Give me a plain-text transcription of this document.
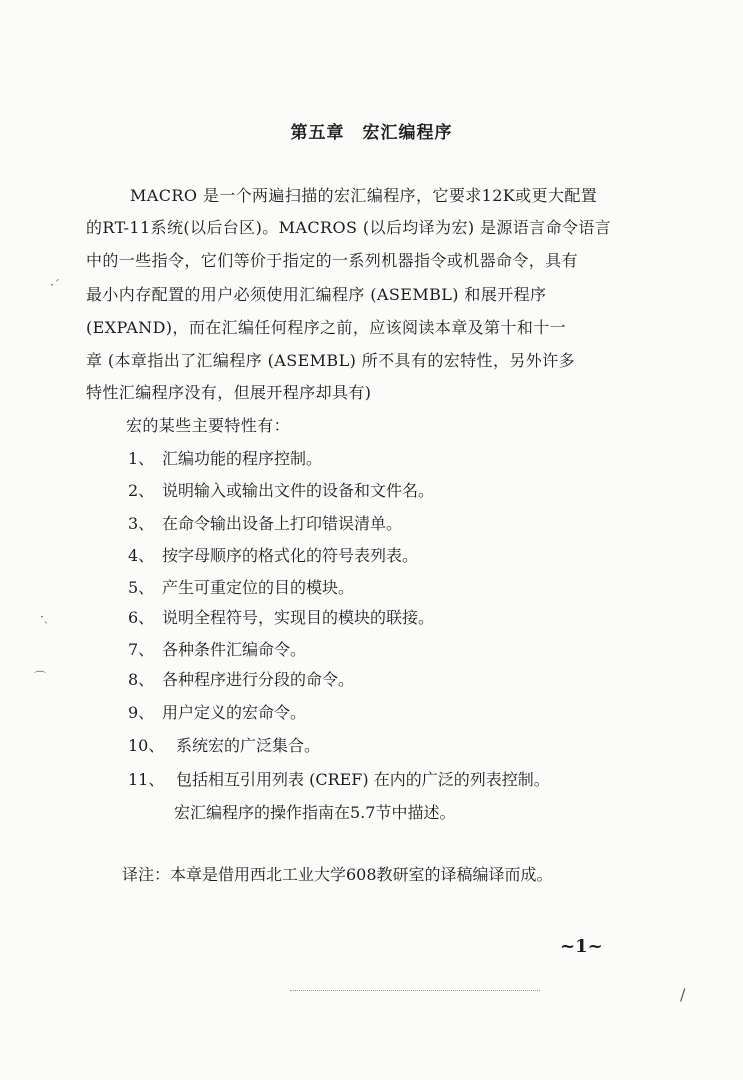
第五章　宏汇编程序
MACRO 是一个两遍扫描的宏汇编程序，它要求12K或更大配置
的RT-11系统(以后台区)。MACROS (以后均译为宏) 是源语言命令语言
中的一些指令，它们等价于指定的一系列机器指令或机器命令，具有
最小内存配置的用户必须使用汇编程序 (ASEMBL) 和展开程序
(EXPAND)，而在汇编任何程序之前，应该阅读本章及第十和十一
章 (本章指出了汇编程序 (ASEMBL) 所不具有的宏特性，另外许多
特性汇编程序没有，但展开程序却具有)
宏的某些主要特性有：
1、 汇编功能的程序控制。
2、 说明输入或输出文件的设备和文件名。
3、 在命令输出设备上打印错误清单。
4、 按字母顺序的格式化的符号表列表。
5、 产生可重定位的目的模块。
6、 说明全程符号，实现目的模块的联接。
7、 各种条件汇编命令。
8、 各种程序进行分段的命令。
9、 用户定义的宏命令。
10、 系统宏的广泛集合。
11、 包括相互引用列表 (CREF) 在内的广泛的列表控制。
宏汇编程序的操作指南在5.7节中描述。
译注：本章是借用西北工业大学608教研室的译稿编译而成。
~1~
·ˊ
·ˎ
⌒
/
